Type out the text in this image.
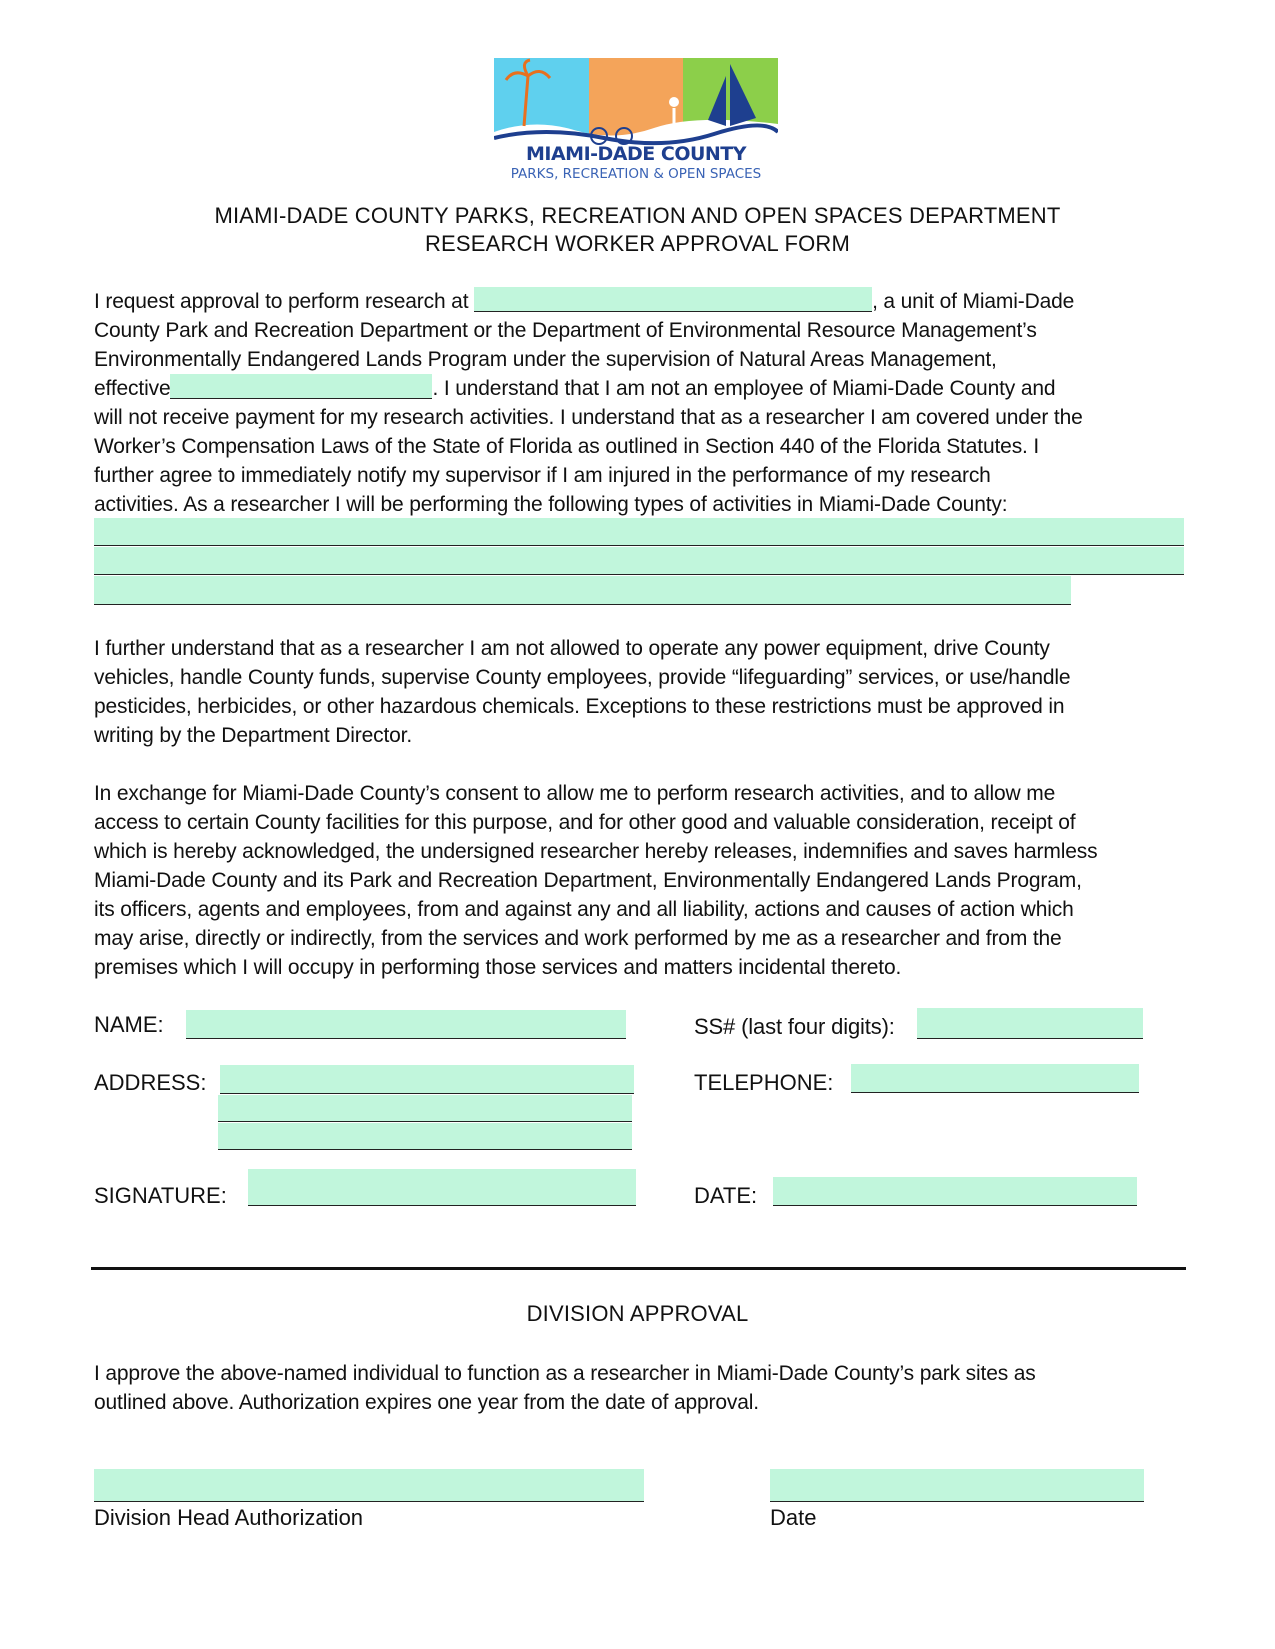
MIAMI-DADE COUNTY
PARKS, RECREATION & OPEN SPACES
MIAMI-DADE COUNTY PARKS, RECREATION AND OPEN SPACES DEPARTMENT
RESEARCH WORKER APPROVAL FORM
I request approval to perform research at	, a unit of Miami-Dade
County Park and Recreation Department or the Department of Environmental Resource Management’s
Environmentally Endangered Lands Program under the supervision of Natural Areas Management,
effective	. I understand that I am not an employee of Miami-Dade County and
will not receive payment for my research activities. I understand that as a researcher I am covered under the
Worker’s Compensation Laws of the State of Florida as outlined in Section 440 of the Florida Statutes. I
further agree to immediately notify my supervisor if I am injured in the performance of my research
activities. As a researcher I will be performing the following types of activities in Miami-Dade County:
I further understand that as a researcher I am not allowed to operate any power equipment, drive County
vehicles, handle County funds, supervise County employees, provide “lifeguarding” services, or use/handle
pesticides, herbicides, or other hazardous chemicals. Exceptions to these restrictions must be approved in
writing by the Department Director.
In exchange for Miami-Dade County’s consent to allow me to perform research activities, and to allow me
access to certain County facilities for this purpose, and for other good and valuable consideration, receipt of
which is hereby acknowledged, the undersigned researcher hereby releases, indemnifies and saves harmless
Miami-Dade County and its Park and Recreation Department, Environmentally Endangered Lands Program,
its officers, agents and employees, from and against any and all liability, actions and causes of action which
may arise, directly or indirectly, from the services and work performed by me as a researcher and from the
premises which I will occupy in performing those services and matters incidental thereto.
NAME:	SS# (last four digits):
ADDRESS:	TELEPHONE:
SIGNATURE:	DATE:
DIVISION APPROVAL
I approve the above-named individual to function as a researcher in Miami-Dade County’s park sites as
outlined above. Authorization expires one year from the date of approval.
Division Head Authorization	Date
